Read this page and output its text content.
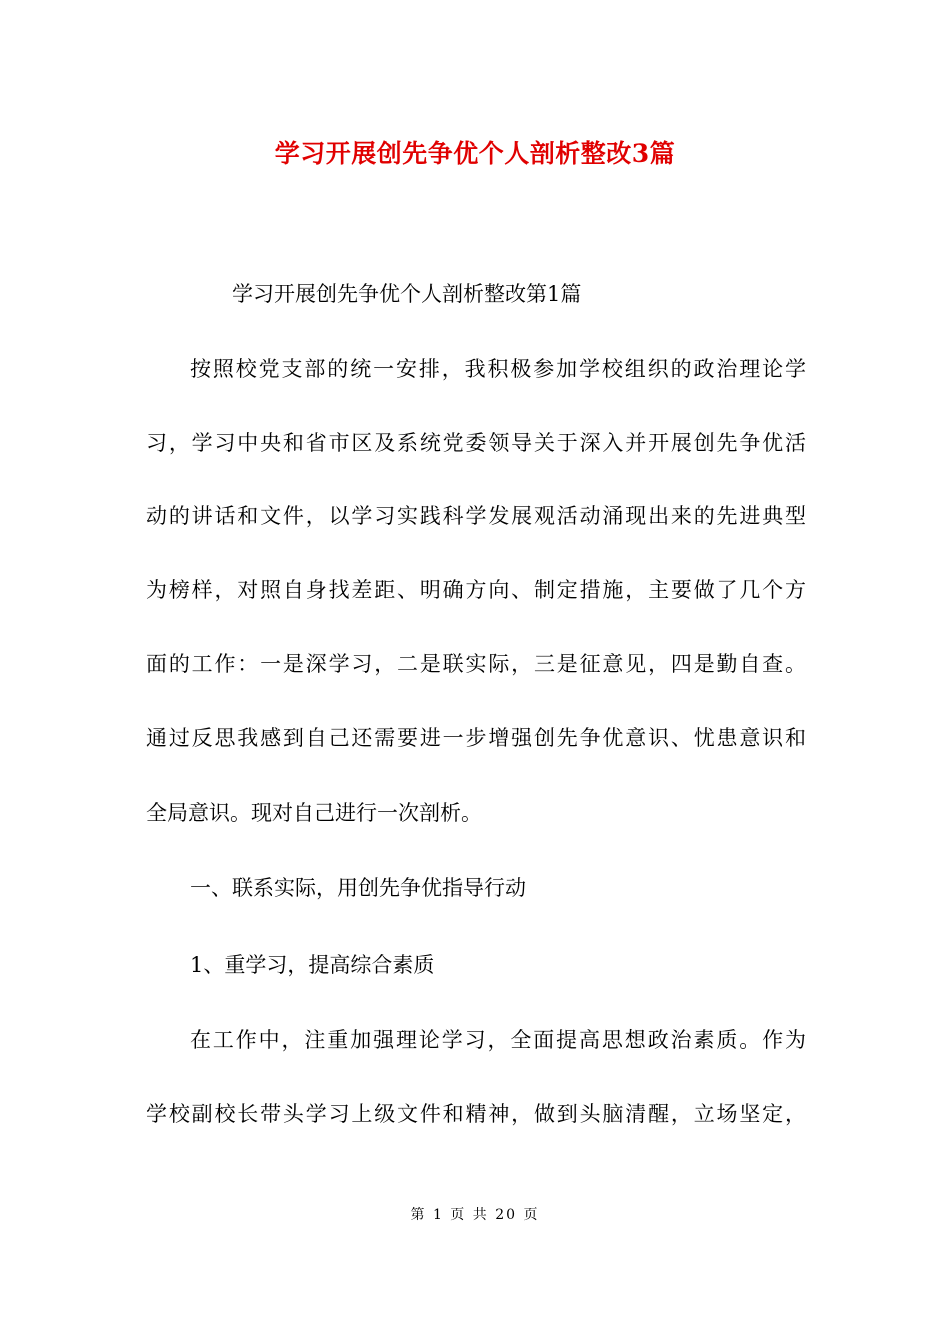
学习开展创先争优个人剖析整改3篇
学习开展创先争优个人剖析整改第1篇
按照校党支部的统一安排，我积极参加学校组织的政治理论学
习，学习中央和省市区及系统党委领导关于深入并开展创先争优活
动的讲话和文件，以学习实践科学发展观活动涌现出来的先进典型
为榜样，对照自身找差距、明确方向、制定措施，主要做了几个方
面的工作：一是深学习，二是联实际，三是征意见，四是勤自查。
通过反思我感到自己还需要进一步增强创先争优意识、忧患意识和
全局意识。现对自己进行一次剖析。
一、联系实际，用创先争优指导行动
1、重学习，提高综合素质
在工作中，注重加强理论学习，全面提高思想政治素质。作为
学校副校长带头学习上级文件和精神，做到头脑清醒，立场坚定，
第 1 页 共 20 页
